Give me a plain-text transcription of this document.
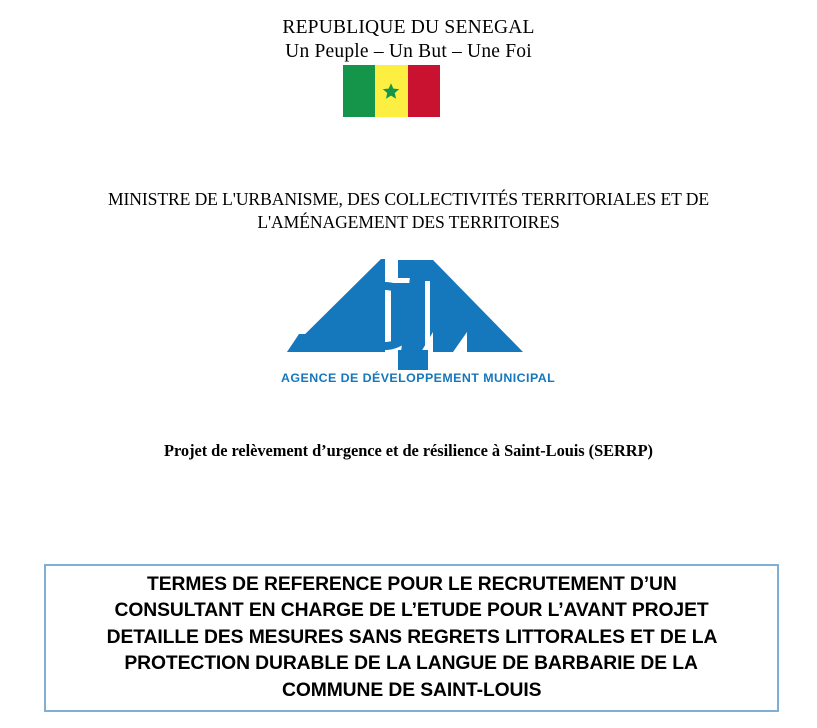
REPUBLIQUE DU SENEGAL
Un Peuple – Un But – Une Foi
MINISTRE DE L'URBANISME, DES COLLECTIVITÉS TERRITORIALES ET DE
L'AMÉNAGEMENT DES TERRITOIRES
AGENCE DE DÉVELOPPEMENT MUNICIPAL
Projet de relèvement d’urgence et de résilience à Saint-Louis (SERRP)
TERMES DE REFERENCE POUR LE RECRUTEMENT D’UN
CONSULTANT EN CHARGE DE L’ETUDE POUR L’AVANT PROJET
DETAILLE DES MESURES SANS REGRETS LITTORALES ET DE LA
PROTECTION DURABLE DE LA LANGUE DE BARBARIE DE LA
COMMUNE DE SAINT-LOUIS
